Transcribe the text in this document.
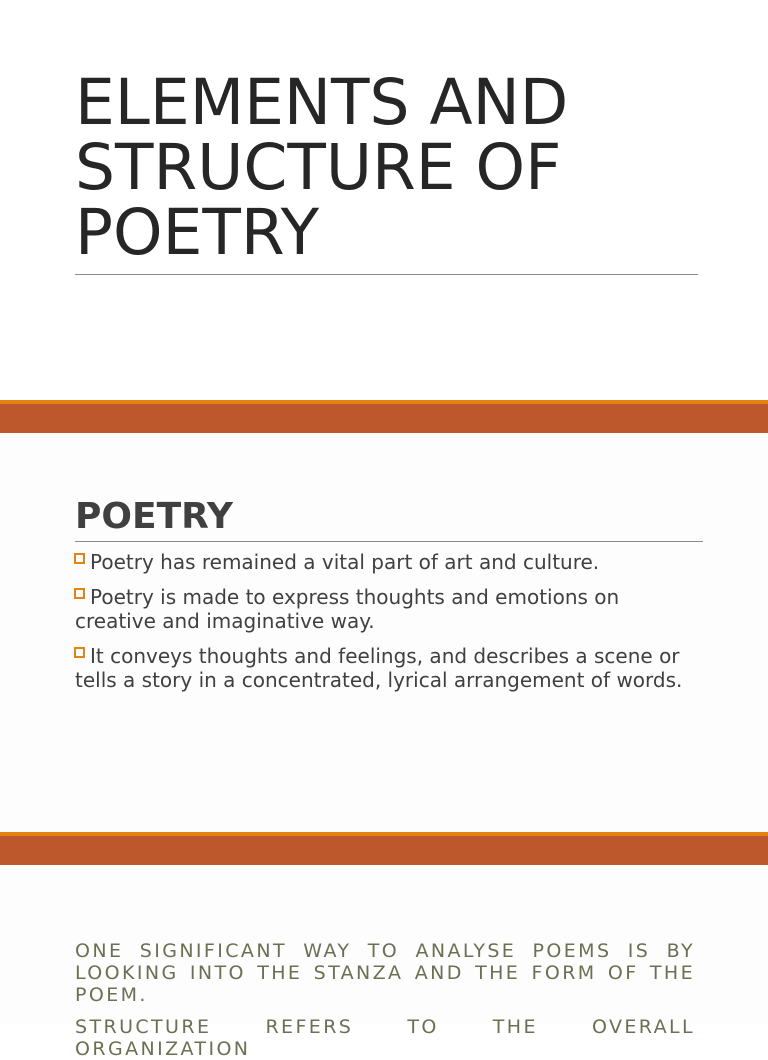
ELEMENTS AND
STRUCTURE OF
POETRY
POETRY
Poetry has remained a vital part of art and culture.
Poetry is made to express thoughts and emotions on creative and imaginative way.
It conveys thoughts and feelings, and describes a scene or tells a story in a concentrated, lyrical arrangement of words.

ONE SIGNIFICANT WAY TO ANALYSE POEMS IS BY LOOKING INTO THE STANZA AND THE FORM OF THE POEM.

STRUCTURE REFERS TO THE OVERALL ORGANIZATION
